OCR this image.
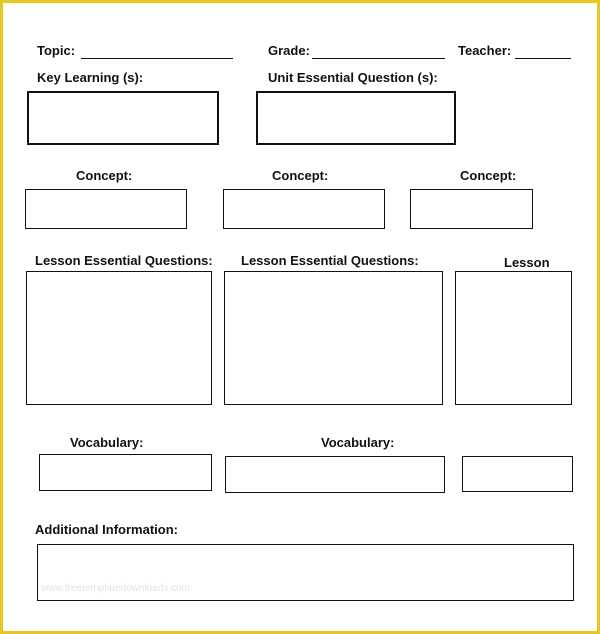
Topic:	Grade:	Teacher:
Key Learning (s):	Unit Essential Question (s):
Concept:	Concept:	Concept:
Lesson Essential Questions: Lesson Essential Questions:	Lesson
Vocabulary:	Vocabulary:
Additional Information:
www.freetemplatedownloads.com
